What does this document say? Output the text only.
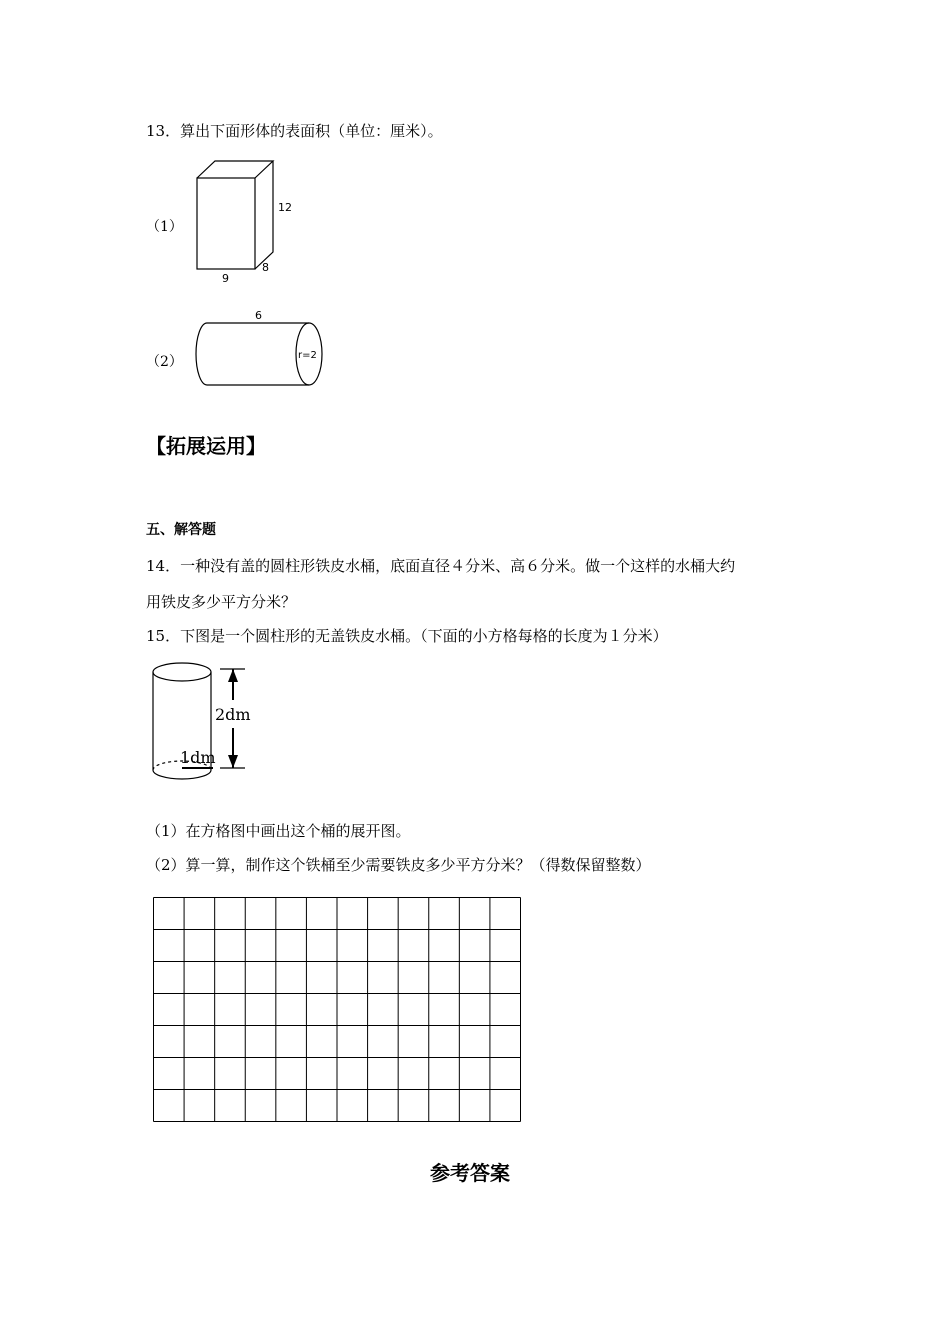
13．算出下面形体的表面积（单位：厘米）。
（1）
12
9
8
（2）
6
r=2
【拓展运用】
五、解答题
14．一种没有盖的圆柱形铁皮水桶，底面直径４分米、高６分米。做一个这样的水桶大约
用铁皮多少平方分米？
15．下图是一个圆柱形的无盖铁皮水桶。（下面的小方格每格的长度为１分米）
2dm
1dm
（1）在方格图中画出这个桶的展开图。
（2）算一算，制作这个铁桶至少需要铁皮多少平方分米？（得数保留整数）
参考答案
